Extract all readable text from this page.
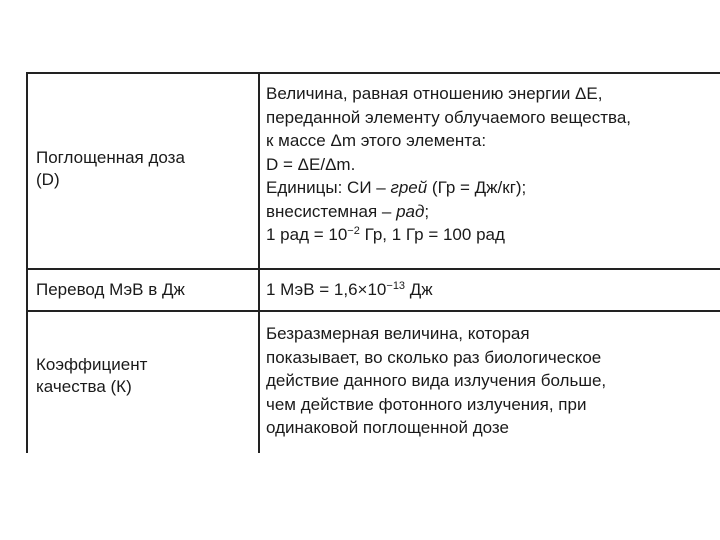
Поглощенная доза
(D)
Величина, равная отношению энергии ΔE,
переданной элементу облучаемого вещества,
к массе Δm этого элемента:
D = ΔE/Δm.
Единицы: СИ – грей (Гр = Дж/кг);
внесистемная – рад;
1 рад = $10^{-2}$ Гр, 1 Гр = 100 рад
Перевод МэВ в Дж	1 МэВ = $1,6\times 10^{-13}$ Дж
Коэффициент
качества (К)
Безразмерная величина, которая
показывает, во сколько раз биологическое
действие данного вида излучения больше,
чем действие фотонного излучения, при
одинаковой поглощенной дозе
